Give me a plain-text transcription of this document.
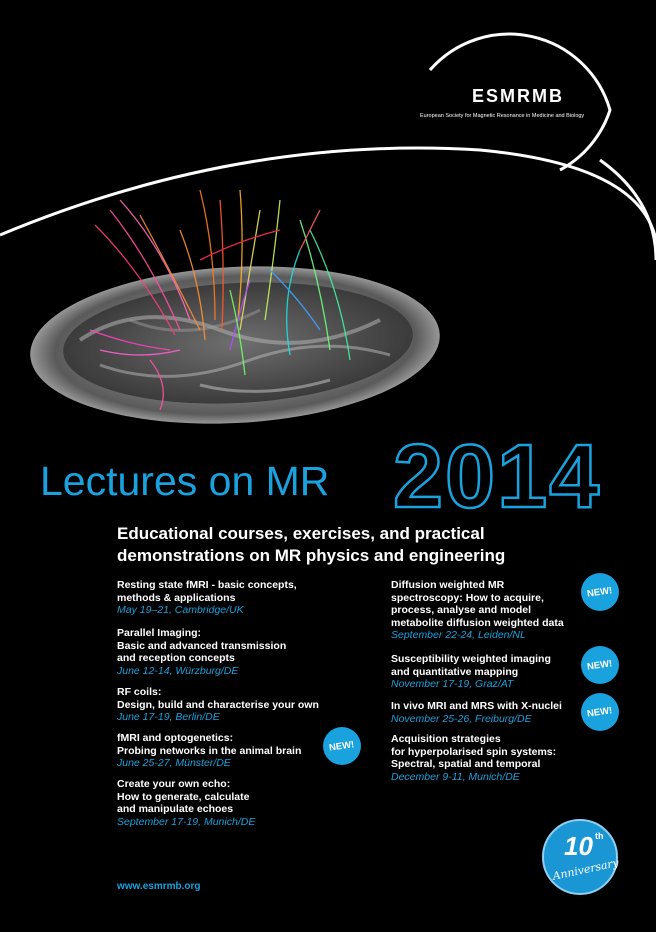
ESMRMB
European Society for Magnetic Resonance in Medicine and Biology
Lectures on MR 2014
Educational courses, exercises, and practical demonstrations on MR physics and engineering
Resting state fMRI - basic concepts,
methods & applications
May 19–21, Cambridge/UK
Parallel Imaging:
Basic and advanced transmission
and reception concepts
June 12-14, Würzburg/DE
RF coils:
Design, build and characterise your own
June 17-19, Berlin/DE
fMRI and optogenetics:
Probing networks in the animal brain
June 25-27, Münster/DE
Create your own echo:
How to generate, calculate
and manipulate echoes
September 17-19, Munich/DE
Diffusion weighted MR
spectroscopy: How to acquire,
process, analyse and model
metabolite diffusion weighted data
September 22-24, Leiden/NL
Susceptibility weighted imaging
and quantitative mapping
November 17-19, Graz/AT
In vivo MRI and MRS with X-nuclei
November 25-26, Freiburg/DE
Acquisition strategies
for hyperpolarised spin systems:
Spectral, spatial and temporal
December 9-11, Munich/DE
NEW!
NEW!
NEW!
NEW!
10 th
Anniversary
www.esmrmb.org
